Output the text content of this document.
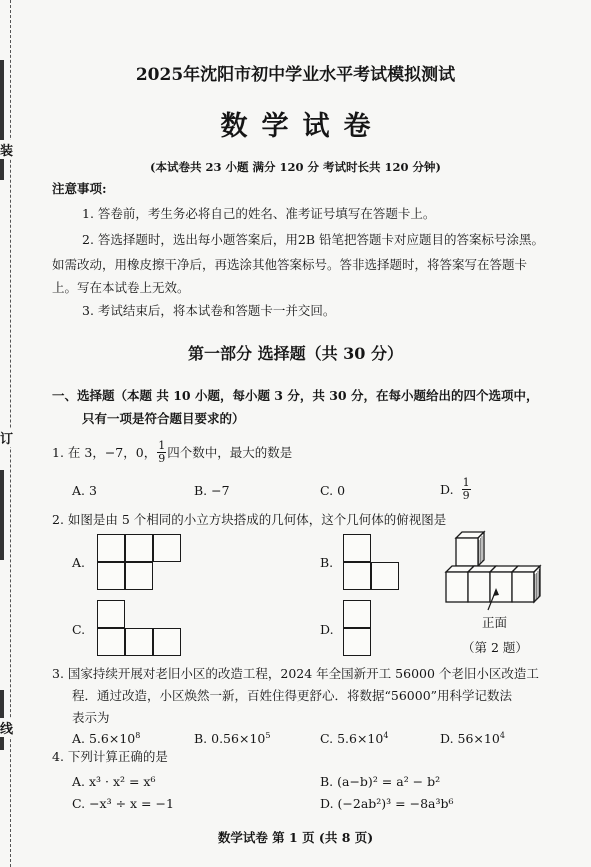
装
订
线
2025年沈阳市初中学业水平考试模拟测试
数学试卷
(本试卷共 23 小题 满分 120 分 考试时长共 120 分钟)
注意事项:
1. 答卷前，考生务必将自己的姓名、准考证号填写在答题卡上。
2. 答选择题时，选出每小题答案后，用2B 铅笔把答题卡对应题目的答案标号涂黑。
如需改动，用橡皮擦干净后，再选涂其他答案标号。答非选择题时，将答案写在答题卡
上。写在本试卷上无效。
3. 考试结束后，将本试卷和答题卡一并交回。
第一部分 选择题（共 30 分）
一、选择题（本题 共 10 小题，每小题 3 分，共 30 分，在每小题给出的四个选项中，
只有一项是符合题目要求的）
1. 在 3，−7，0， $\frac{1}{9}$ 四个数中，最大的数是
A. 3	B. −7	C. 0	D. $\frac{1}{9}$
2. 如图是由 5 个相同的小立方块搭成的几何体，这个几何体的俯视图是
A.	B.
C.	D.	正面
（第 2 题）
3. 国家持续开展对老旧小区的改造工程，2024 年全国新开工 56000 个老旧小区改造工
程．通过改造，小区焕然一新，百姓住得更舒心．将数据“56000”用科学记数法
表示为
A. $5.6\times 10^8$	B. $0.56\times 10^5$	C. $5.6\times 10^4$	D. $56\times 10^4$
4. 下列计算正确的是
A. x³ · x² = x⁶	B. (a−b)² = a² − b²
C. −x³ ÷ x = −1	D. (−2ab²)³ = −8a³b⁶
数学试卷 第 1 页 (共 8 页)
